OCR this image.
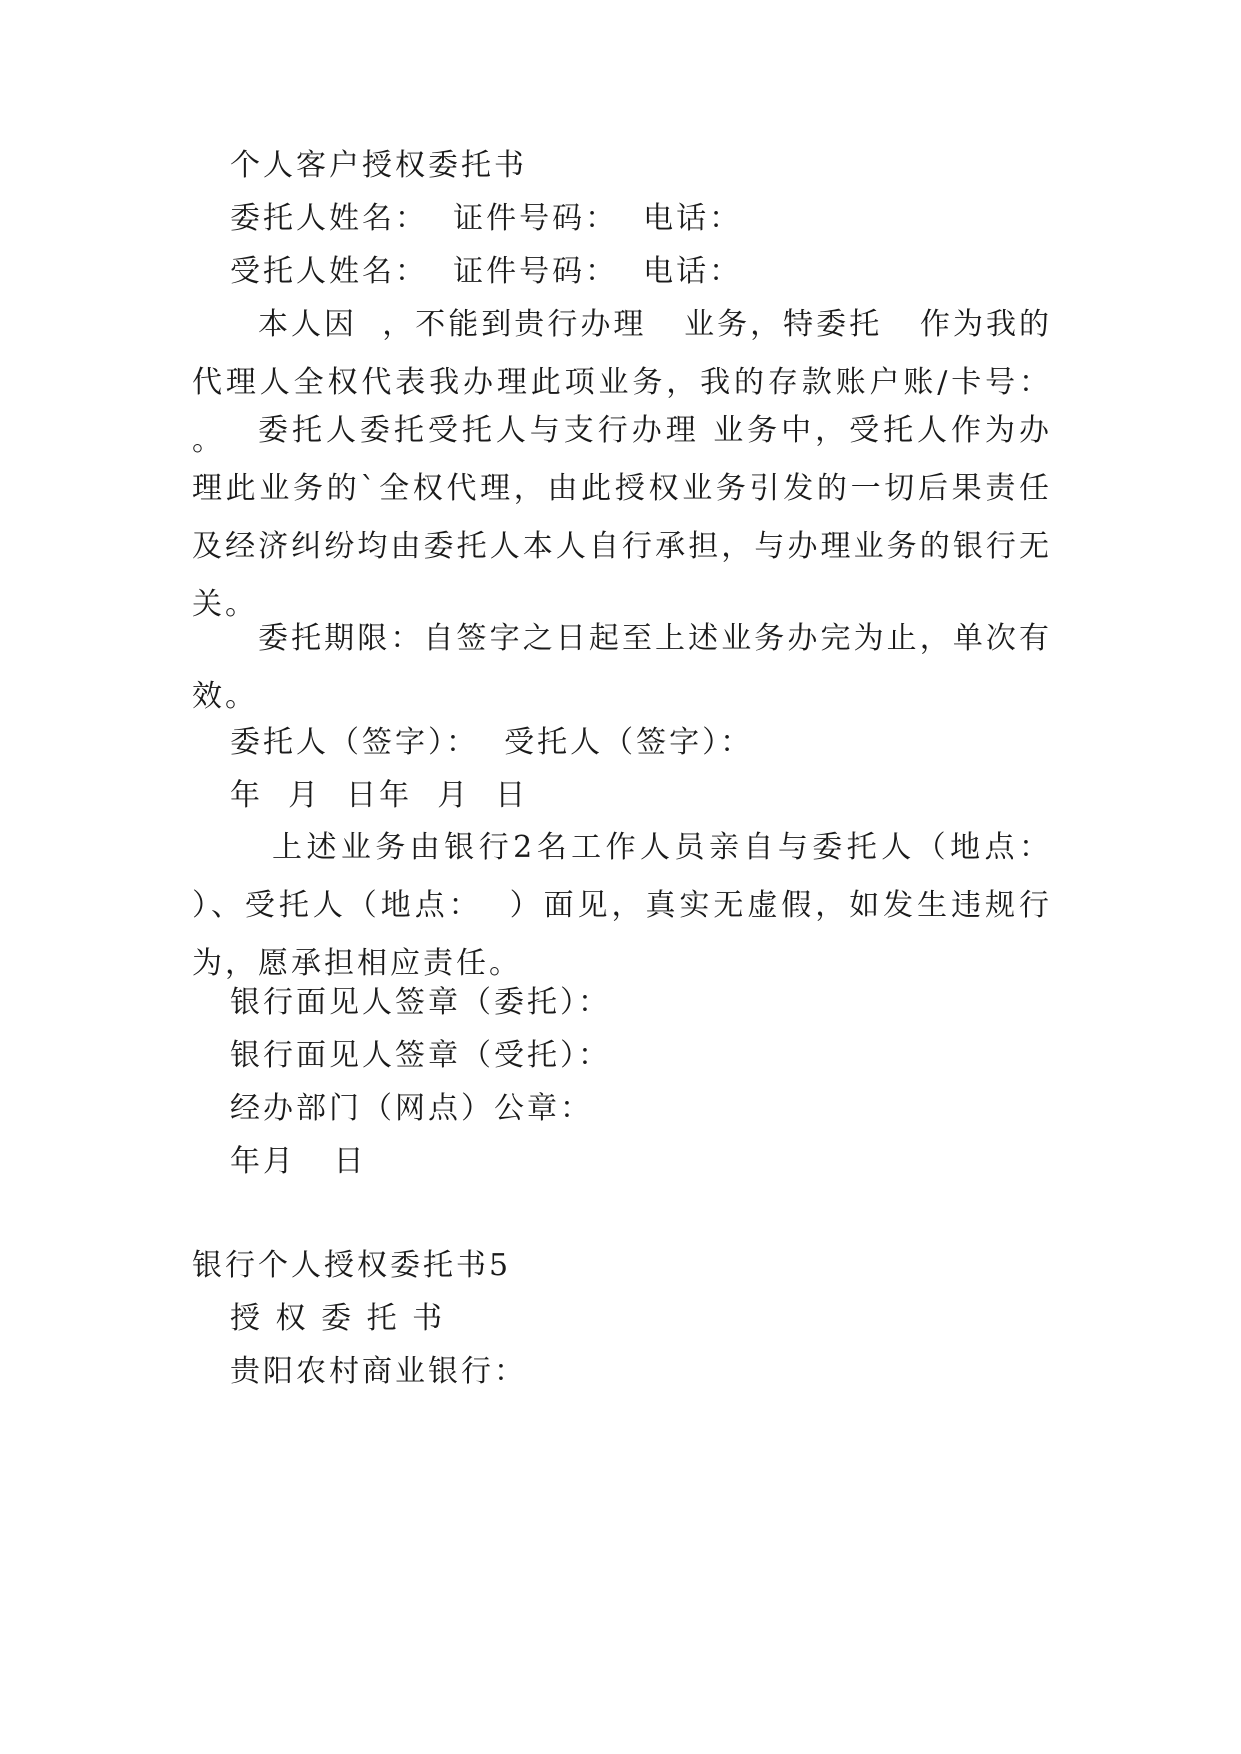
个人客户授权委托书

委托人姓名：  证件号码：  电话：

受托人姓名：  证件号码：  电话：

本人因  ，不能到贵行办理   业务，特委托   作为我的代理人全权代表我办理此项业务，我的存款账户账/卡号：  。	委托人委托受托人与支行办理 业务中，受托人作为办理此业务的`全权代理，由此授权业务引发的一切后果责任及经济纠纷均由委托人本人自行承担，与办理业务的银行无关。

委托期限：自签字之日起至上述业务办完为止，单次有效。

委托人（签字）：  受托人（签字）：

年  月  日年  月  日

上述业务由银行2名工作人员亲自与委托人（地点：  ）、受托人（地点：  ）面见，真实无虚假，如发生违规行为，愿承担相应责任。

银行面见人签章（委托）：

银行面见人签章（受托）：

经办部门（网点）公章：

年月   日

银行个人授权委托书5

授 权 委 托 书

贵阳农村商业银行：
